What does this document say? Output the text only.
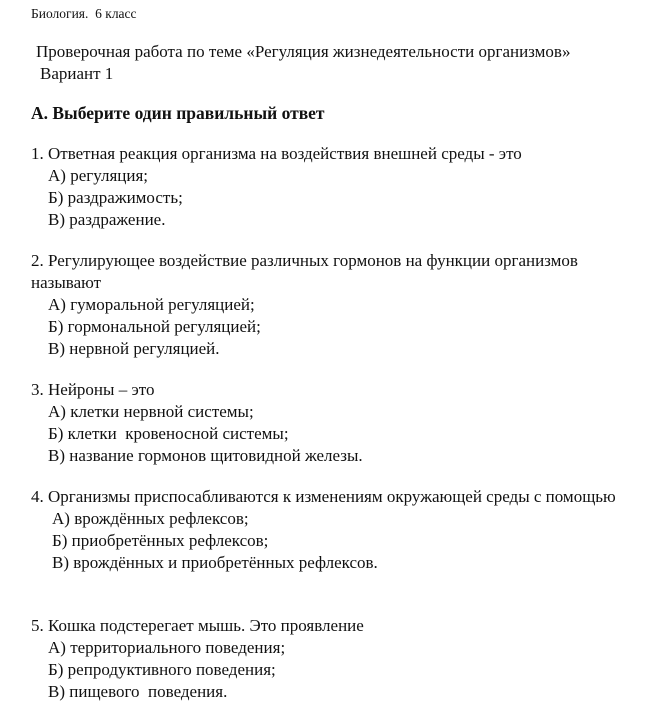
Биология.  6 класс
Проверочная работа по теме «Регуляция жизнедеятельности организмов»
Вариант 1
А. Выберите один правильный ответ

1. Ответная реакция организма на воздействия внешней среды - это

А) регуляция;

Б) раздражимость;

В) раздражение.

2. Регулирующее воздействие различных гормонов на функции организмов называют

А) гуморальной регуляцией;

Б) гормональной регуляцией;

В) нервной регуляцией.

3. Нейроны – это

А) клетки нервной системы;

Б) клетки  кровеносной системы;

В) название гормонов щитовидной железы.

4. Организмы приспосабливаются к изменениям окружающей среды с помощью

А) врождённых рефлексов;

Б) приобретённых рефлексов;

В) врождённых и приобретённых рефлексов.

5. Кошка подстерегает мышь. Это проявление

А) территориального поведения;

Б) репродуктивного поведения;

В) пищевого  поведения.
